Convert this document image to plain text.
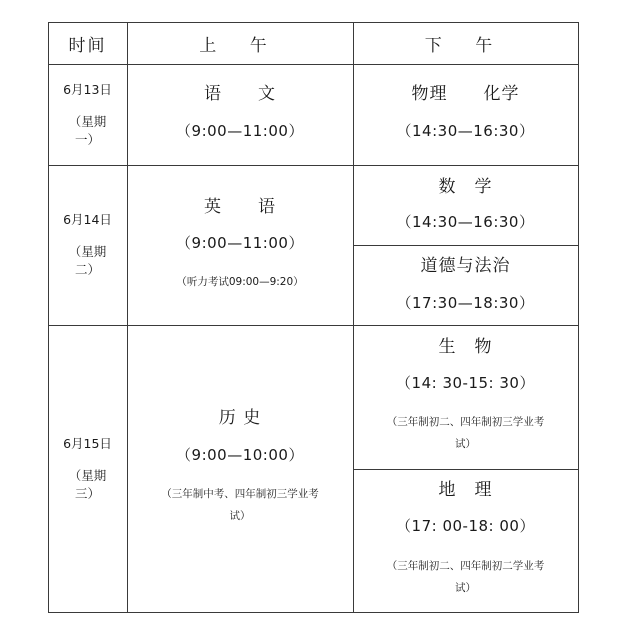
时间	上 午	下 午
6月13日
（星期
一）
语　　文
（9:00—11:00）
物理　　化学
（14:30—16:30）
6月14日
（星期
二）
英　　语
（9:00—11:00）
（听力考试09:00—9:20）
数　学
（14:30—16:30）
道德与法治
（17:30—18:30）
6月15日
（星期
三）
历 史
（9:00—10:00）
（三年制中考、四年制初三学业考
试）
生　物
（14: 30-15: 30）
（三年制初二、四年制初三学业考
试）
地　理
（17: 00-18: 00）
（三年制初二、四年制初二学业考
试）
